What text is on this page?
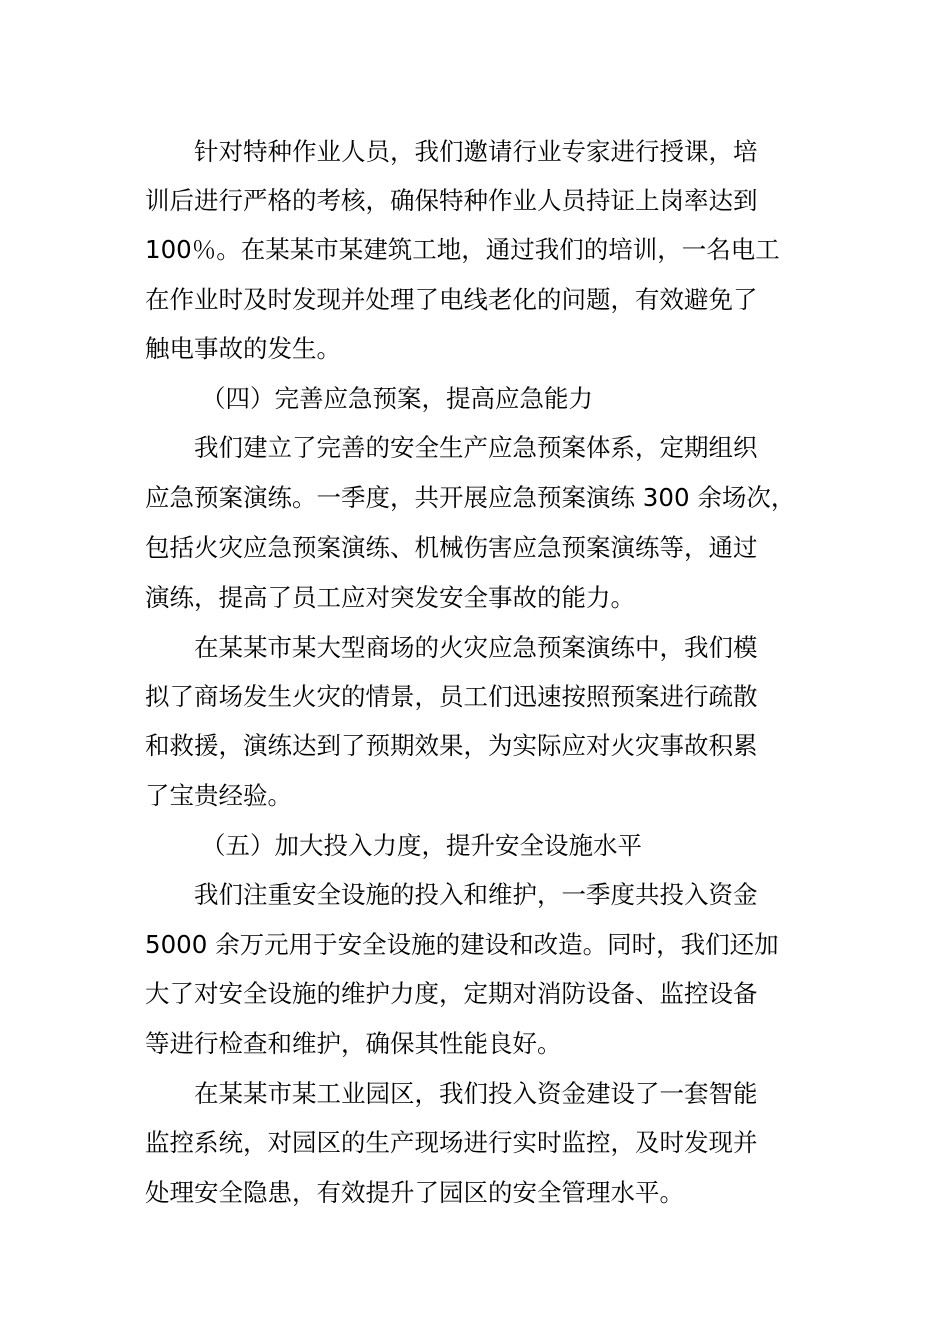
针对特种作业人员，我们邀请行业专家进行授课，培
训后进行严格的考核，确保特种作业人员持证上岗率达到
100％。在某某市某建筑工地，通过我们的培训，一名电工
在作业时及时发现并处理了电线老化的问题，有效避免了
触电事故的发生。
（四）完善应急预案，提高应急能力
我们建立了完善的安全生产应急预案体系，定期组织
应急预案演练。一季度，共开展应急预案演练 300 余场次，
包括火灾应急预案演练、机械伤害应急预案演练等，通过
演练，提高了员工应对突发安全事故的能力。
在某某市某大型商场的火灾应急预案演练中，我们模
拟了商场发生火灾的情景，员工们迅速按照预案进行疏散
和救援，演练达到了预期效果，为实际应对火灾事故积累
了宝贵经验。
（五）加大投入力度，提升安全设施水平
我们注重安全设施的投入和维护，一季度共投入资金
5000 余万元用于安全设施的建设和改造。同时，我们还加
大了对安全设施的维护力度，定期对消防设备、监控设备
等进行检查和维护，确保其性能良好。
在某某市某工业园区，我们投入资金建设了一套智能
监控系统，对园区的生产现场进行实时监控，及时发现并
处理安全隐患，有效提升了园区的安全管理水平。
